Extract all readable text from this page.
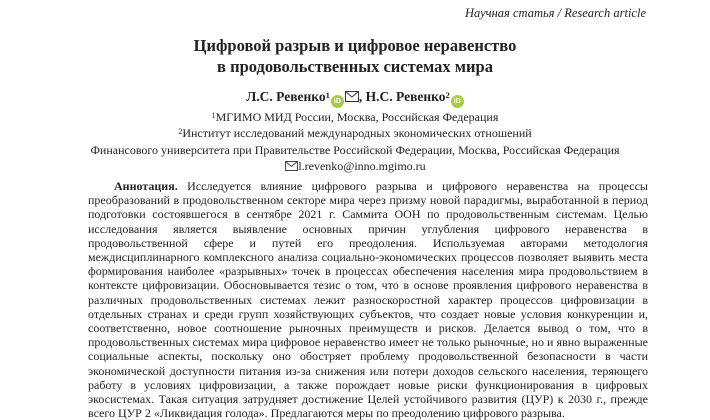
Научная статья / Research article
Цифровой разрыв и цифровое неравенство
в продовольственных системах мира
Л.С. Ревенко$^1$iD , Н.С. Ревенко$^2$iD
$^1$МГИМО МИД России, Москва, Российская Федерация
$^2$Институт исследований международных экономических отношений
Финансового университета при Правительстве Российской Федерации, Москва, Российская Федерация
l.revenko@inno.mgimo.ru

Аннотация. Исследуется влияние цифрового разрыва и цифрового неравенства на процессы преобразований в продовольственном секторе мира через призму новой парадигмы, выработанной в период подготовки состоявшегося в сентябре 2021 г. Саммита ООН по продовольственным системам. Целью исследования является выявление основных причин углубления цифрового неравенства в продовольственной сфере и путей его преодоления. Используемая авторами методология междисциплинарного комплексного анализа социально-экономических процессов позволяет выявить места формирования наиболее «разрывных» точек в процессах обеспечения населения мира продовольствием в контексте цифровизации. Обосновывается тезис о том, что в основе проявления цифрового неравенства в различных продовольственных системах лежит разноскоростной характер процессов цифровизации в отдельных странах и среди групп хозяйствующих субъектов, что создает новые условия конкуренции и, соответственно, новое соотношение рыночных преимуществ и рисков. Делается вывод о том, что в продовольственных системах мира цифровое неравенство имеет не только рыночные, но и явно выраженные социальные аспекты, поскольку оно обостряет проблему продовольственной безопасности в части экономической доступности питания из-за снижения или потери доходов сельского населения, теряющего работу в условиях цифровизации, а также порождает новые риски функционирования в цифровых экосистемах. Такая ситуация затрудняет достижение Целей устойчивого развития (ЦУР) к 2030 г., прежде всего ЦУР 2 «Ликвидация голода». Предлагаются меры по преодолению цифрового разрыва.
